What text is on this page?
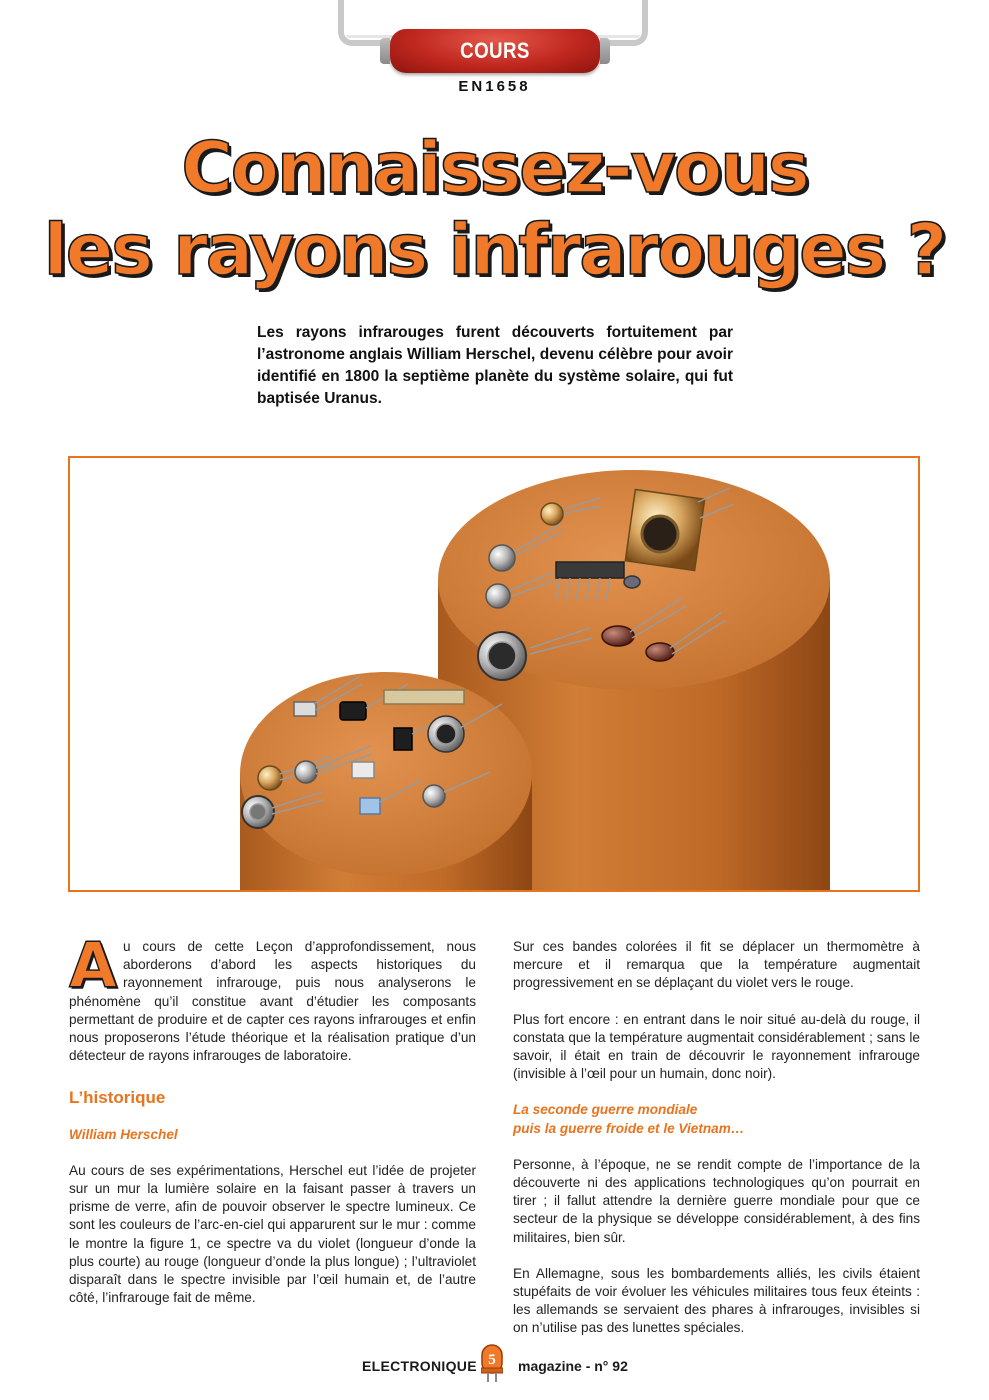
COURS
EN1658
Connaissez-vous
les rayons infrarouges ?
Les rayons infrarouges furent découverts fortuitement par l’astronome anglais William Herschel, devenu célèbre pour avoir identifié en 1800 la septième planète du système solaire, qui fut baptisée Uranus.

Au cours de cette Leçon d’approfondissement, nous aborderons d’abord les aspects historiques du rayonnement infrarouge, puis nous analyserons le phénomène qu’il constitue avant d’étudier les composants permettant de produire et de capter ces rayons infrarouges et enfin nous proposerons l’étude théorique et la réalisation pratique d’un détecteur de rayons infrarouges de laboratoire.

L’historique
William Herschel

Au cours de ses expérimentations, Herschel eut l’idée de projeter sur un mur la lumière solaire en la faisant passer à travers un prisme de verre, afin de pouvoir observer le spectre lumineux. Ce sont les couleurs de l’arc-en-ciel qui apparurent sur le mur : comme le montre la figure 1, ce spectre va du violet (longueur d’onde la plus courte) au rouge (longueur d’onde la plus longue) ; l’ultraviolet disparaît dans le spectre invisible par l’œil humain et, de l’autre côté, l’infrarouge fait de même.

Sur ces bandes colorées il fit se déplacer un thermomètre à mercure et il remarqua que la température augmentait progressivement en se déplaçant du violet vers le rouge.

Plus fort encore : en entrant dans le noir situé au-delà du rouge, il constata que la température augmentait considérablement ; sans le savoir, il était en train de découvrir le rayonnement infrarouge (invisible à l’œil pour un humain, donc noir).

La seconde guerre mondiale
puis la guerre froide et le Vietnam…

Personne, à l’époque, ne se rendit compte de l’importance de la découverte ni des applications technologiques qu’on pourrait en tirer ; il fallut attendre la dernière guerre mondiale pour que ce secteur de la physique se développe considérablement, à des fins militaires, bien sûr.

En Allemagne, sous les bombardements alliés, les civils étaient stupéfaits de voir évoluer les véhicules militaires tous feux éteints : les allemands se servaient des phares à infrarouges, invisibles si on n’utilise pas des lunettes spéciales.

ELECTRONIQUE 5 magazine - n° 92
